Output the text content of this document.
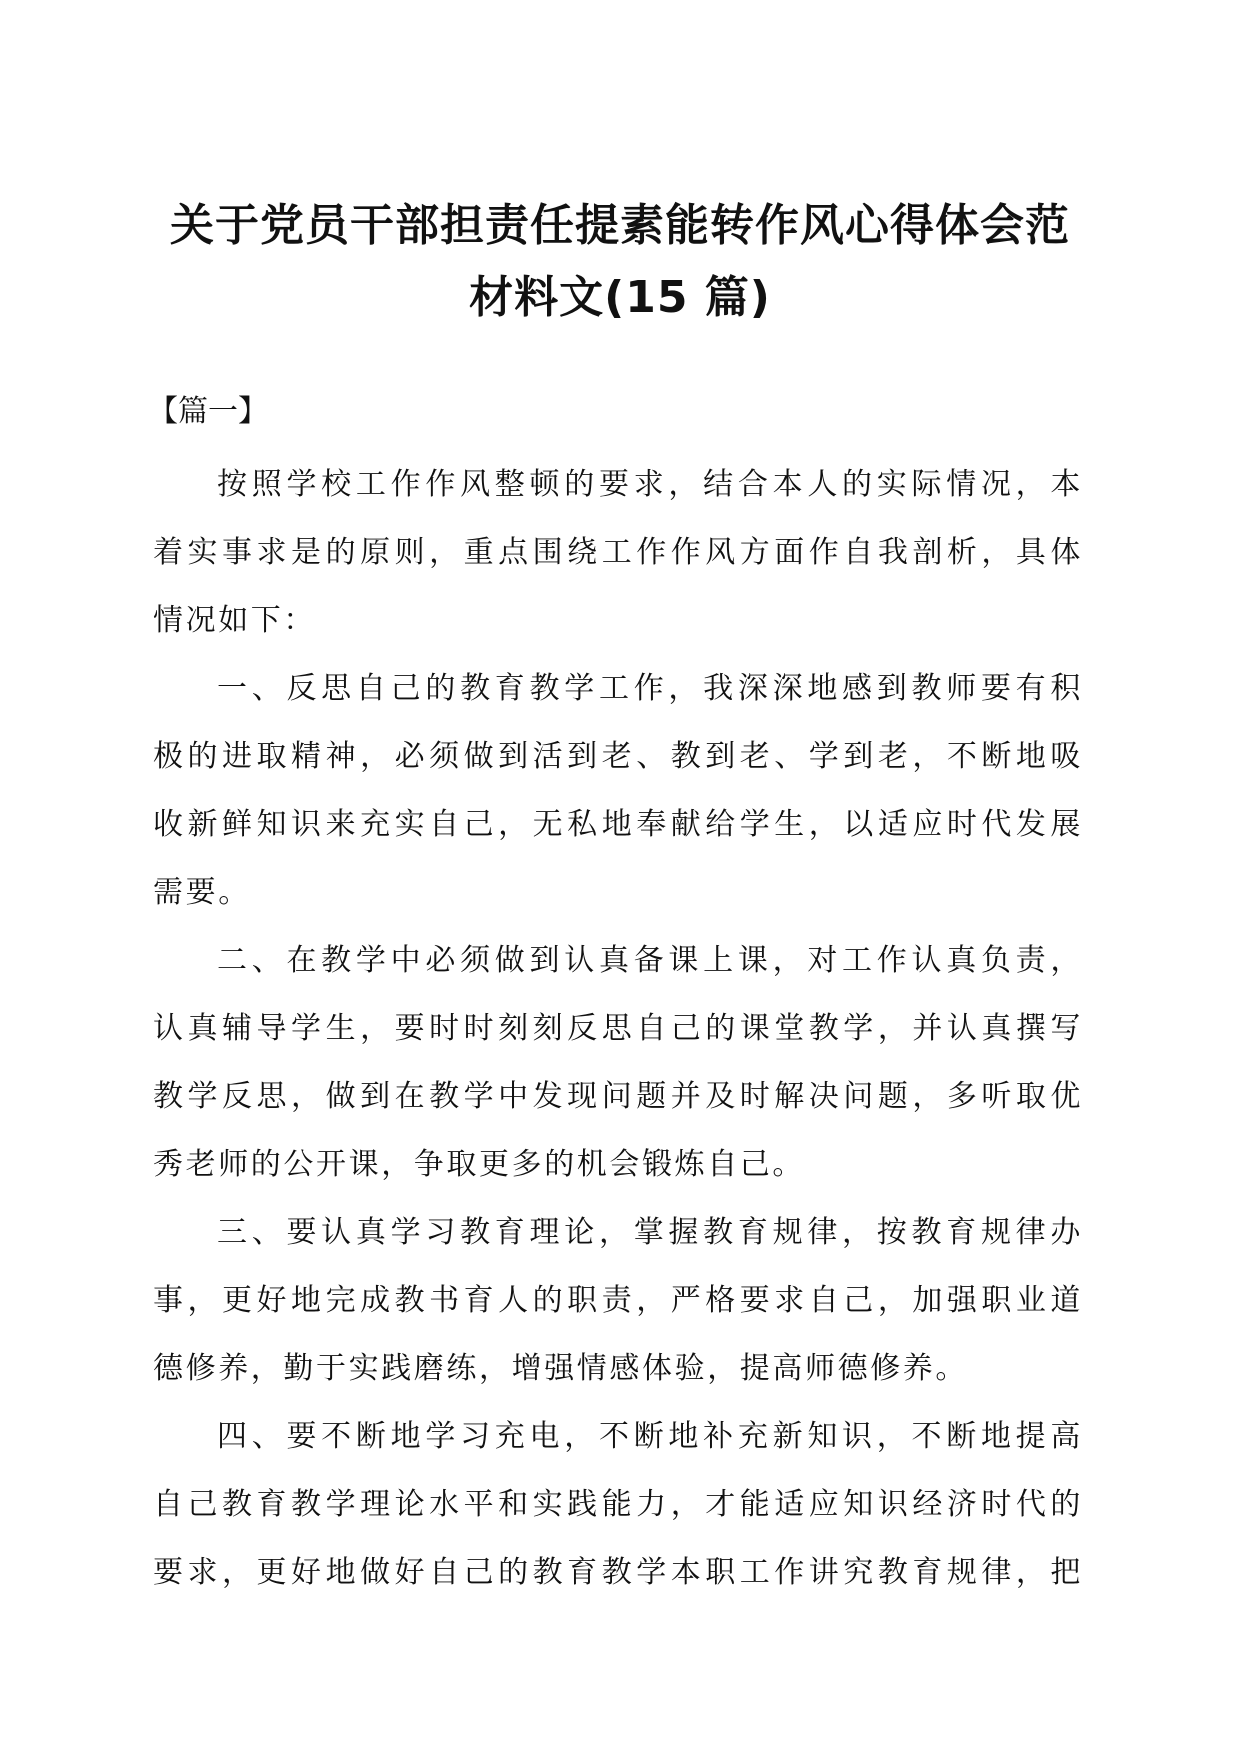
关于党员干部担责任提素能转作风心得体会范
材料文(15 篇)
【篇一】

按照学校工作作风整顿的要求，结合本人的实际情况，本
着实事求是的原则，重点围绕工作作风方面作自我剖析，具体
情况如下：

一、反思自己的教育教学工作，我深深地感到教师要有积
极的进取精神，必须做到活到老、教到老、学到老，不断地吸
收新鲜知识来充实自己，无私地奉献给学生，以适应时代发展
需要。

二、在教学中必须做到认真备课上课，对工作认真负责，
认真辅导学生，要时时刻刻反思自己的课堂教学，并认真撰写
教学反思，做到在教学中发现问题并及时解决问题，多听取优
秀老师的公开课，争取更多的机会锻炼自己。

三、要认真学习教育理论，掌握教育规律，按教育规律办
事，更好地完成教书育人的职责，严格要求自己，加强职业道
德修养，勤于实践磨练，增强情感体验，提高师德修养。

四、要不断地学习充电，不断地补充新知识，不断地提高
自己教育教学理论水平和实践能力，才能适应知识经济时代的
要求，更好地做好自己的教育教学本职工作讲究教育规律，把
